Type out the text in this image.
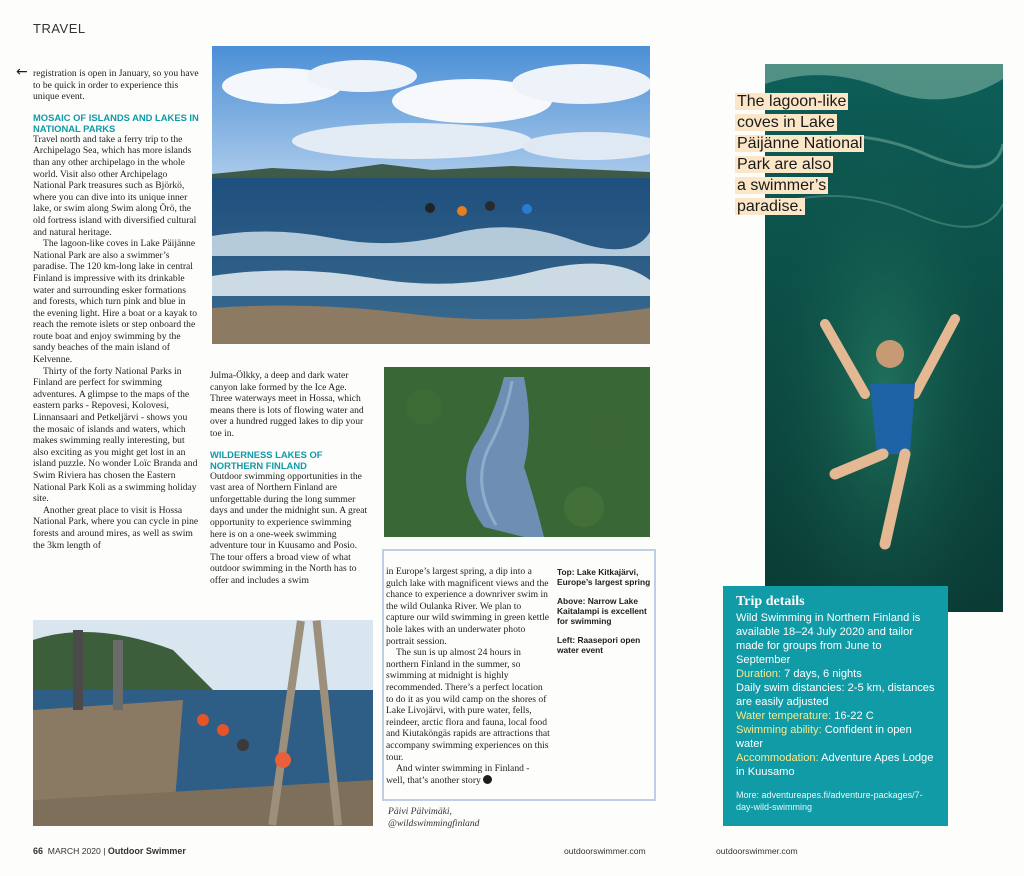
TRAVEL
← registration is open in January, so you have to be quick in order to experience this unique event.

MOSAIC OF ISLANDS AND LAKES IN NATIONAL PARKS

Travel north and take a ferry trip to the Archipelago Sea, which has more islands than any other archipelago in the whole world. Visit also other Archipelago National Park treasures such as Björkö, where you can dive into its unique inner lake, or swim along Swim along Örö, the old fortress island with diversified cultural and natural heritage.

The lagoon-like coves in Lake Päijänne National Park are also a swimmer’s paradise. The 120 km-long lake in central Finland is impressive with its drinkable water and surrounding esker formations and forests, which turn pink and blue in the evening light. Hire a boat or a kayak to reach the remote islets or step onboard the route boat and enjoy swimming by the sandy beaches of the main island of Kelvenne.

Thirty of the forty National Parks in Finland are perfect for swimming adventures. A glimpse to the maps of the eastern parks - Repovesi, Kolovesi, Linnansaari and Petkeljärvi - shows you the mosaic of islands and waters, which makes swimming really interesting, but also exciting as you might get lost in an island puzzle. No wonder Loïc Branda and Swim Riviera has chosen the Eastern National Park Koli as a swimming holiday site.

Another great place to visit is Hossa National Park, where you can cycle in pine forests and around mires, as well as swim the 3km length of

Julma-Ölkky, a deep and dark water canyon lake formed by the Ice Age. Three waterways meet in Hossa, which means there is lots of flowing water and over a hundred rugged lakes to dip your toe in.

WILDERNESS LAKES OF NORTHERN FINLAND

Outdoor swimming opportunities in the vast area of Northern Finland are unforgettable during the long summer days and under the midnight sun. A great opportunity to experience swimming here is on a one-week swimming adventure tour in Kuusamo and Posio. The tour offers a broad view of what outdoor swimming in the North has to offer and includes a swim

in Europe’s largest spring, a dip into a gulch lake with magnificent views and the chance to experience a downriver swim in the wild Oulanka River. We plan to capture our wild swimming in green kettle hole lakes with an underwater photo portrait session.

The sun is up almost 24 hours in northern Finland in the summer, so swimming at midnight is highly recommended. There’s a perfect location to do it as you wild camp on the shores of Lake Livojärvi, with pure water, fells, reindeer, arctic flora and fauna, local food and Kiutaköngäs rapids are attractions that accompany swimming experiences on this tour.

And winter swimming in Finland - well, that’s another story

Top: Lake Kitkajärvi, Europe’s largest spring

Above: Narrow Lake Kaitalampi is excellent for swimming

Left: Raasepori open water event

Päivi Pälvimäki,
@wildswimmingfinland
The lagoon-like
coves in Lake
Päijänne National
Park are also
a swimmer’s
paradise.
Trip details
Wild Swimming in Northern Finland is available 18–24 July 2020 and tailor made for groups from June to September
Duration: 7 days, 6 nights
Daily swim distancies: 2-5 km, distances are easily adjusted
Water temperature: 16-22 C
Swimming ability: Confident in open water
Accommodation: Adventure Apes Lodge in Kuusamo
More: adventureapes.fi/adventure-packages/7-day-wild-swimming
66 MARCH 2020 | Outdoor Swimmer	outdoorswimmer.com	outdoorswimmer.com
